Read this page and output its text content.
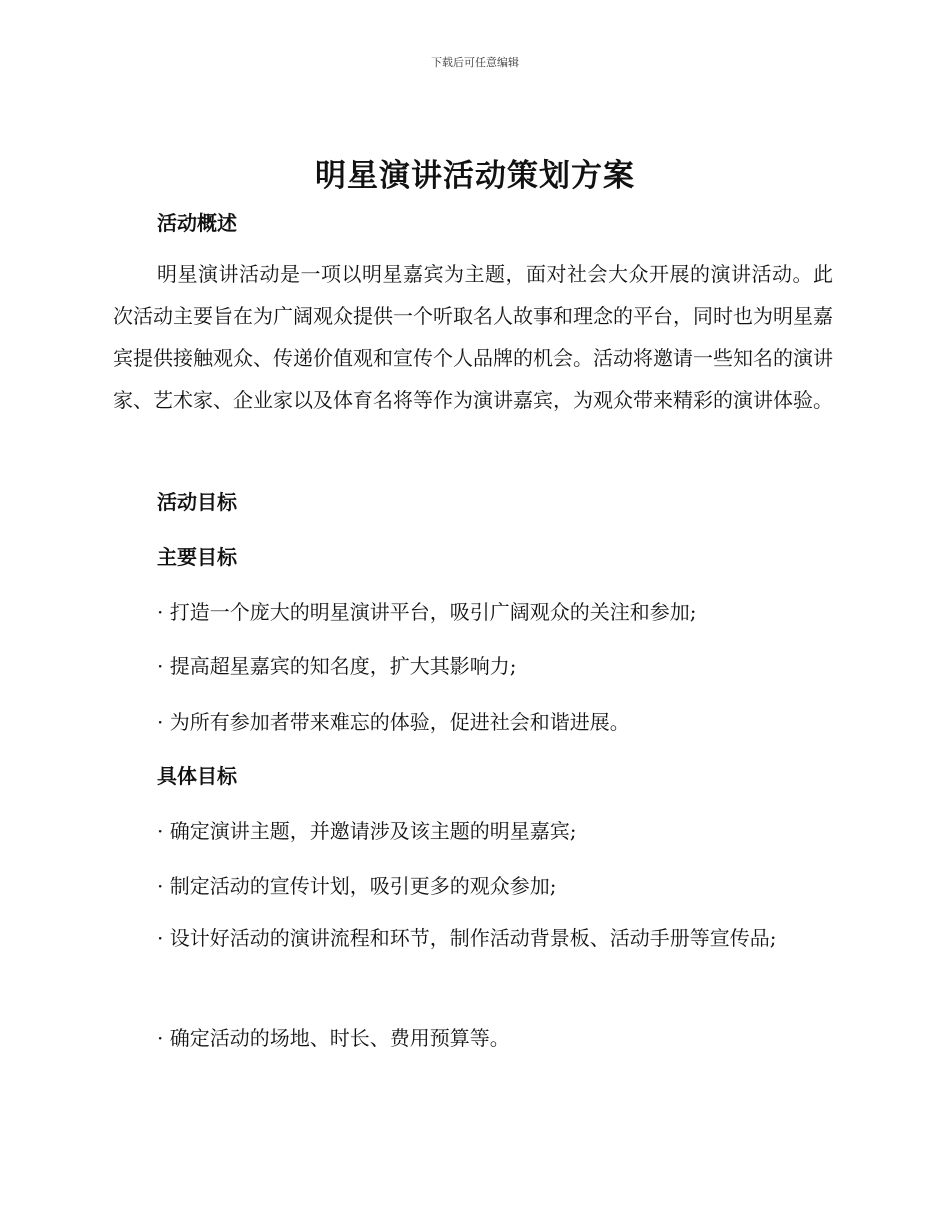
下载后可任意编辑
明星演讲活动策划方案
活动概述
明星演讲活动是一项以明星嘉宾为主题，面对社会大众开展的演讲活动。此次活动主要旨在为广阔观众提供一个听取名人故事和理念的平台，同时也为明星嘉宾提供接触观众、传递价值观和宣传个人品牌的机会。活动将邀请一些知名的演讲家、艺术家、企业家以及体育名将等作为演讲嘉宾，为观众带来精彩的演讲体验。
活动目标
主要目标
· 打造一个庞大的明星演讲平台，吸引广阔观众的关注和参加;
· 提高超星嘉宾的知名度，扩大其影响力;
· 为所有参加者带来难忘的体验，促进社会和谐进展。
具体目标
· 确定演讲主题，并邀请涉及该主题的明星嘉宾;
· 制定活动的宣传计划，吸引更多的观众参加;
· 设计好活动的演讲流程和环节，制作活动背景板、活动手册等宣传品;
· 确定活动的场地、时长、费用预算等。
